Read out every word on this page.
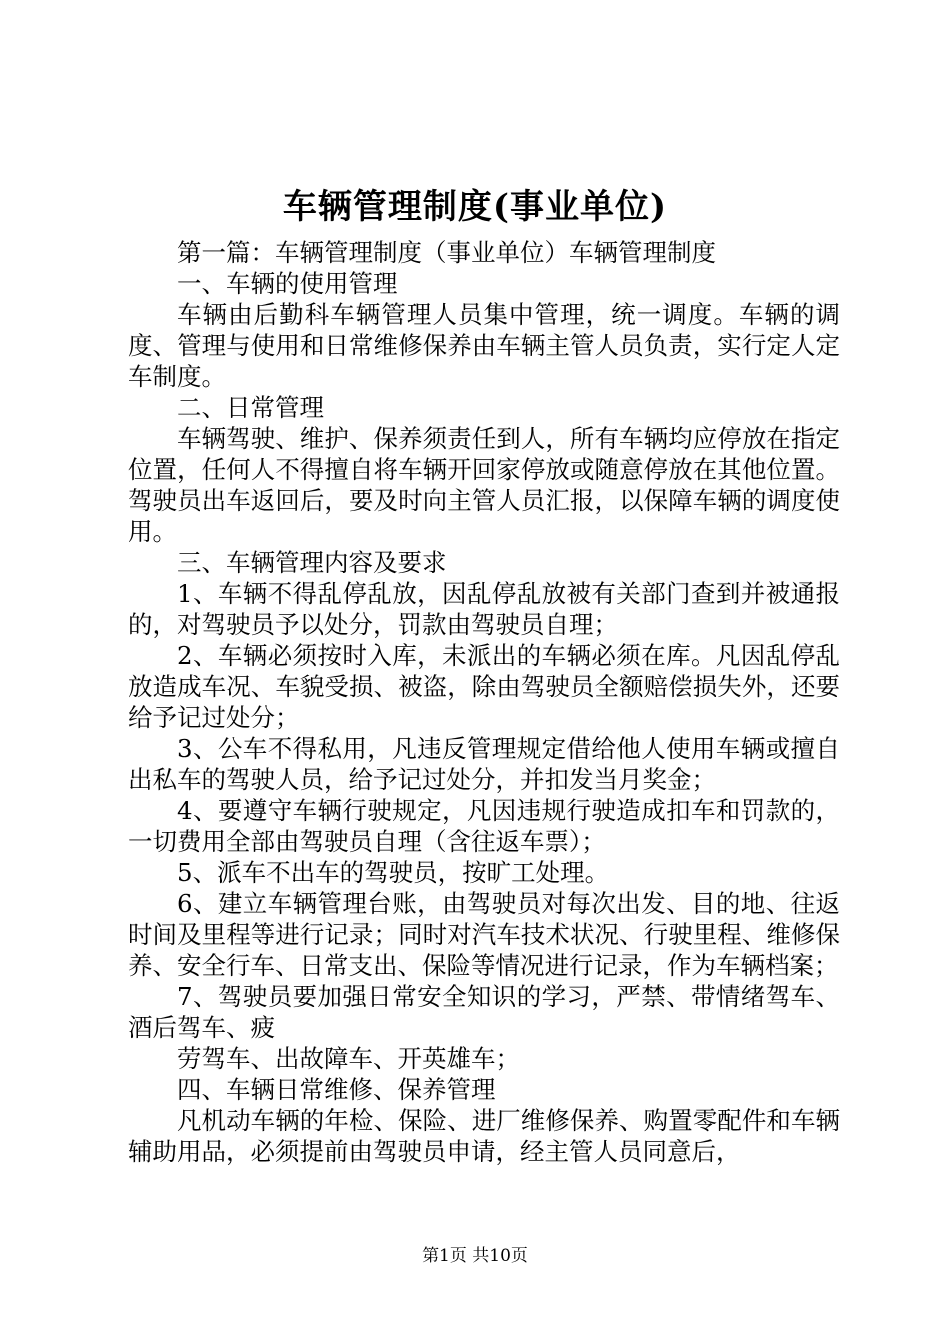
车辆管理制度(事业单位)

第一篇：车辆管理制度（事业单位）车辆管理制度

一、车辆的使用管理

车辆由后勤科车辆管理人员集中管理，统一调度。车辆的调度、管理与使用和日常维修保养由车辆主管人员负责，实行定人定车制度。

二、日常管理

车辆驾驶、维护、保养须责任到人，所有车辆均应停放在指定位置，任何人不得擅自将车辆开回家停放或随意停放在其他位置。驾驶员出车返回后，要及时向主管人员汇报，以保障车辆的调度使用。

三、车辆管理内容及要求

1、车辆不得乱停乱放，因乱停乱放被有关部门查到并被通报的，对驾驶员予以处分，罚款由驾驶员自理；

2、车辆必须按时入库，未派出的车辆必须在库。凡因乱停乱放造成车况、车貌受损、被盗，除由驾驶员全额赔偿损失外，还要给予记过处分；

3、公车不得私用，凡违反管理规定借给他人使用车辆或擅自出私车的驾驶人员，给予记过处分，并扣发当月奖金；

4、要遵守车辆行驶规定，凡因违规行驶造成扣车和罚款的，一切费用全部由驾驶员自理（含往返车票）；

5、派车不出车的驾驶员，按旷工处理。

6、建立车辆管理台账，由驾驶员对每次出发、目的地、往返时间及里程等进行记录；同时对汽车技术状况、行驶里程、维修保养、安全行车、日常支出、保险等情况进行记录，作为车辆档案；

7、驾驶员要加强日常安全知识的学习，严禁、带情绪驾车、酒后驾车、疲

劳驾车、出故障车、开英雄车；

四、车辆日常维修、保养管理

凡机动车辆的年检、保险、进厂维修保养、购置零配件和车辆辅助用品，必须提前由驾驶员申请，经主管人员同意后，

第1页 共10页
